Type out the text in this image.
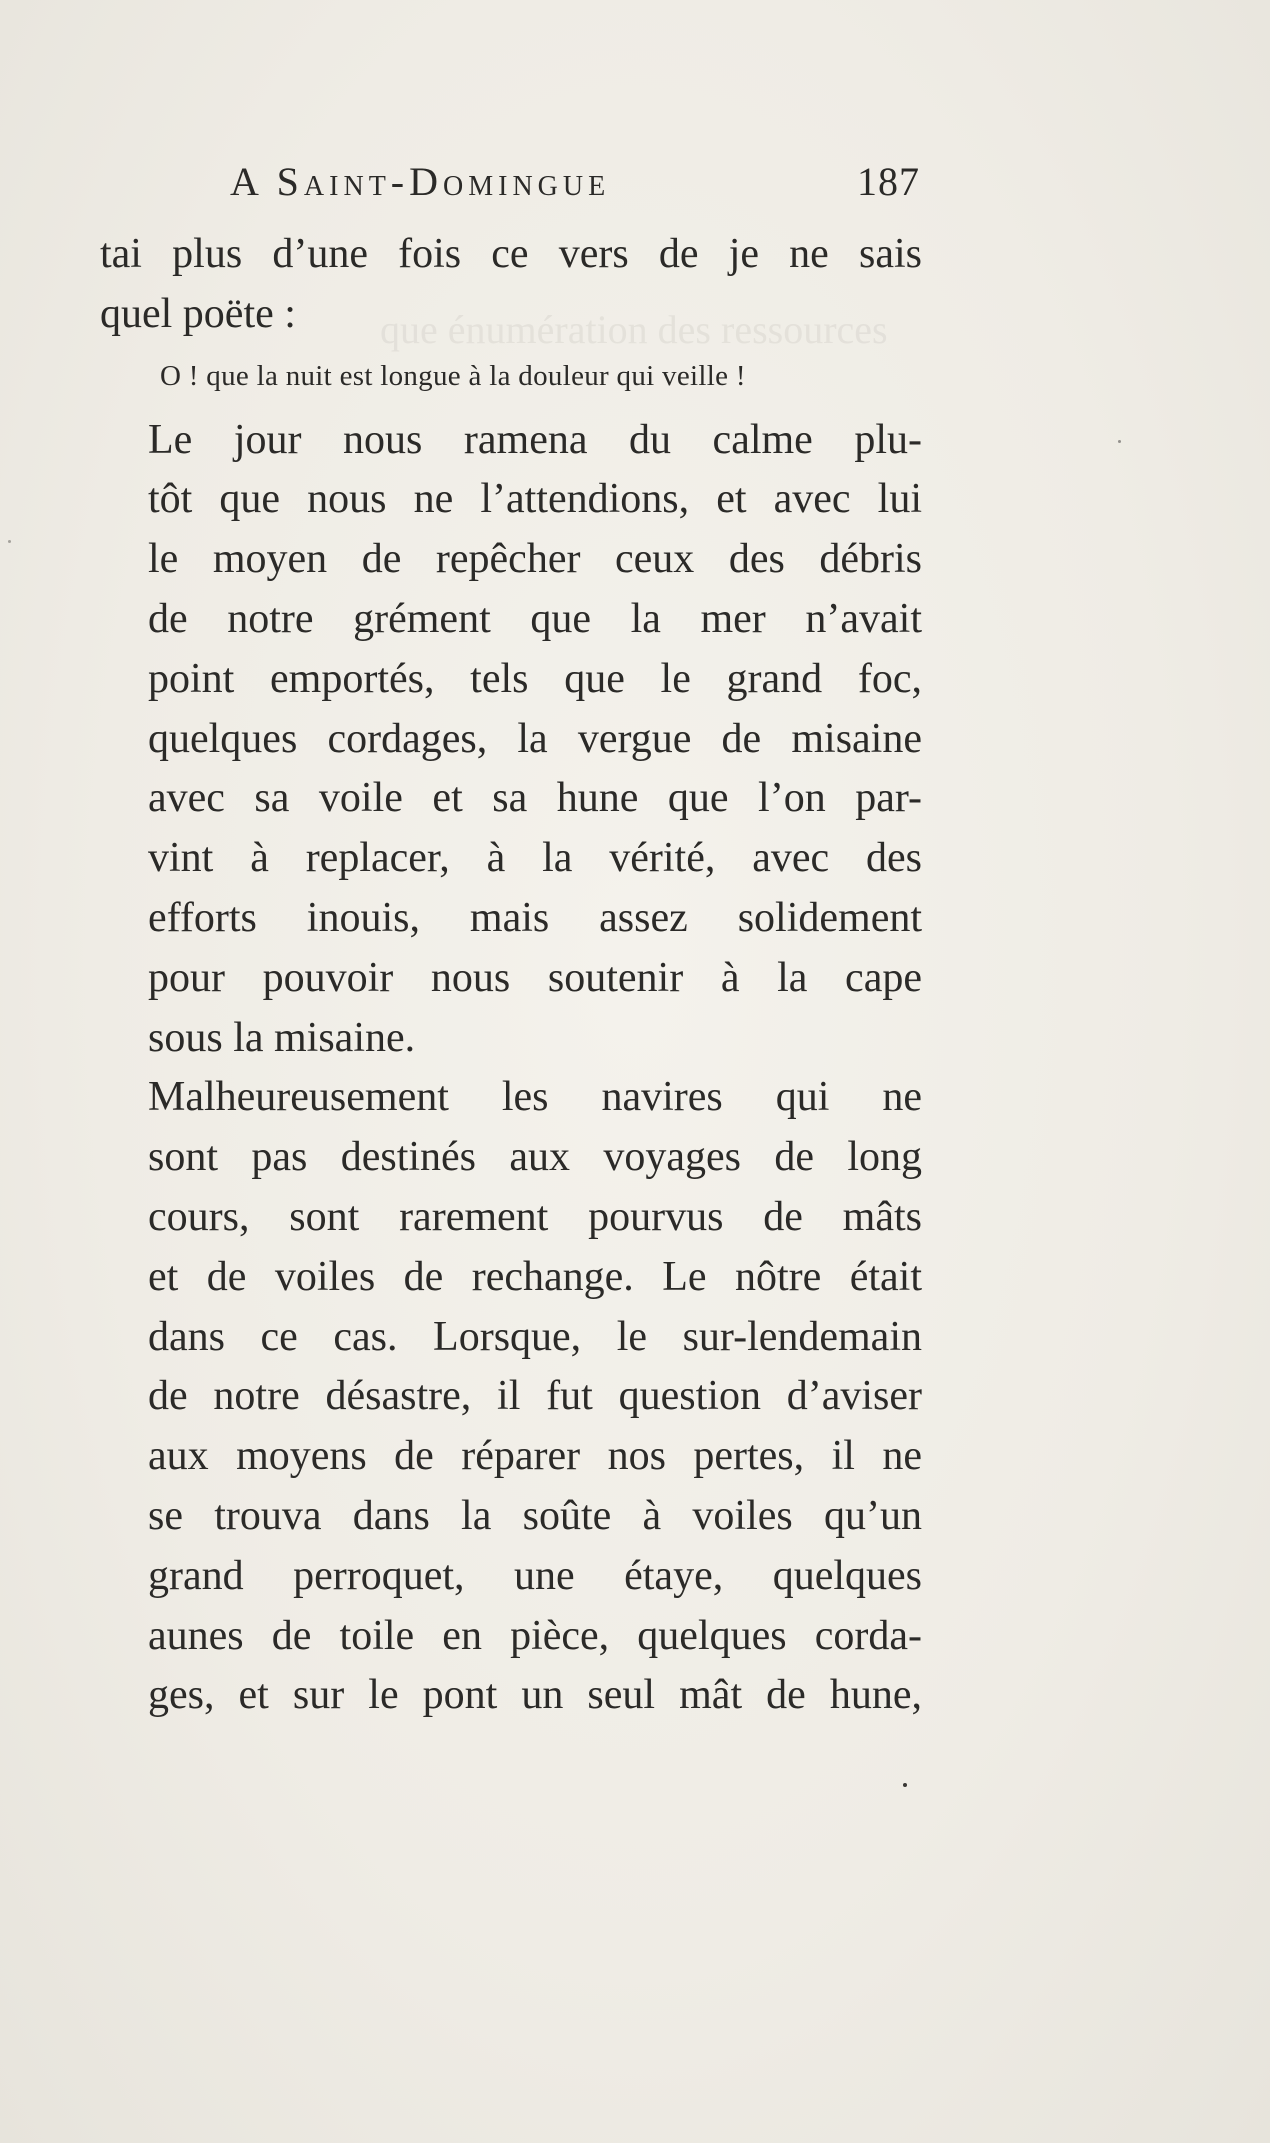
que énumération des ressources
A Saint-Domingue	187

tai plus d’une fois ce vers de je ne sais
quel poëte :

O ! que la nuit est longue à la douleur qui veille !

Le jour nous ramena du calme plu-
tôt que nous ne l’attendions, et avec lui
le moyen de repêcher ceux des débris
de notre grément que la mer n’avait
point emportés, tels que le grand foc,
quelques cordages, la vergue de misaine
avec sa voile et sa hune que l’on par-
vint à replacer, à la vérité, avec des
efforts inouis, mais assez solidement
pour pouvoir nous soutenir à la cape
sous la misaine.

Malheureusement les navires qui ne
sont pas destinés aux voyages de long
cours, sont rarement pourvus de mâts
et de voiles de rechange. Le nôtre était
dans ce cas. Lorsque, le sur-lendemain
de notre désastre, il fut question d’aviser
aux moyens de réparer nos pertes, il ne
se trouva dans la soûte à voiles qu’un
grand perroquet, une étaye, quelques
aunes de toile en pièce, quelques corda-
ges, et sur le pont un seul mât de hune,
